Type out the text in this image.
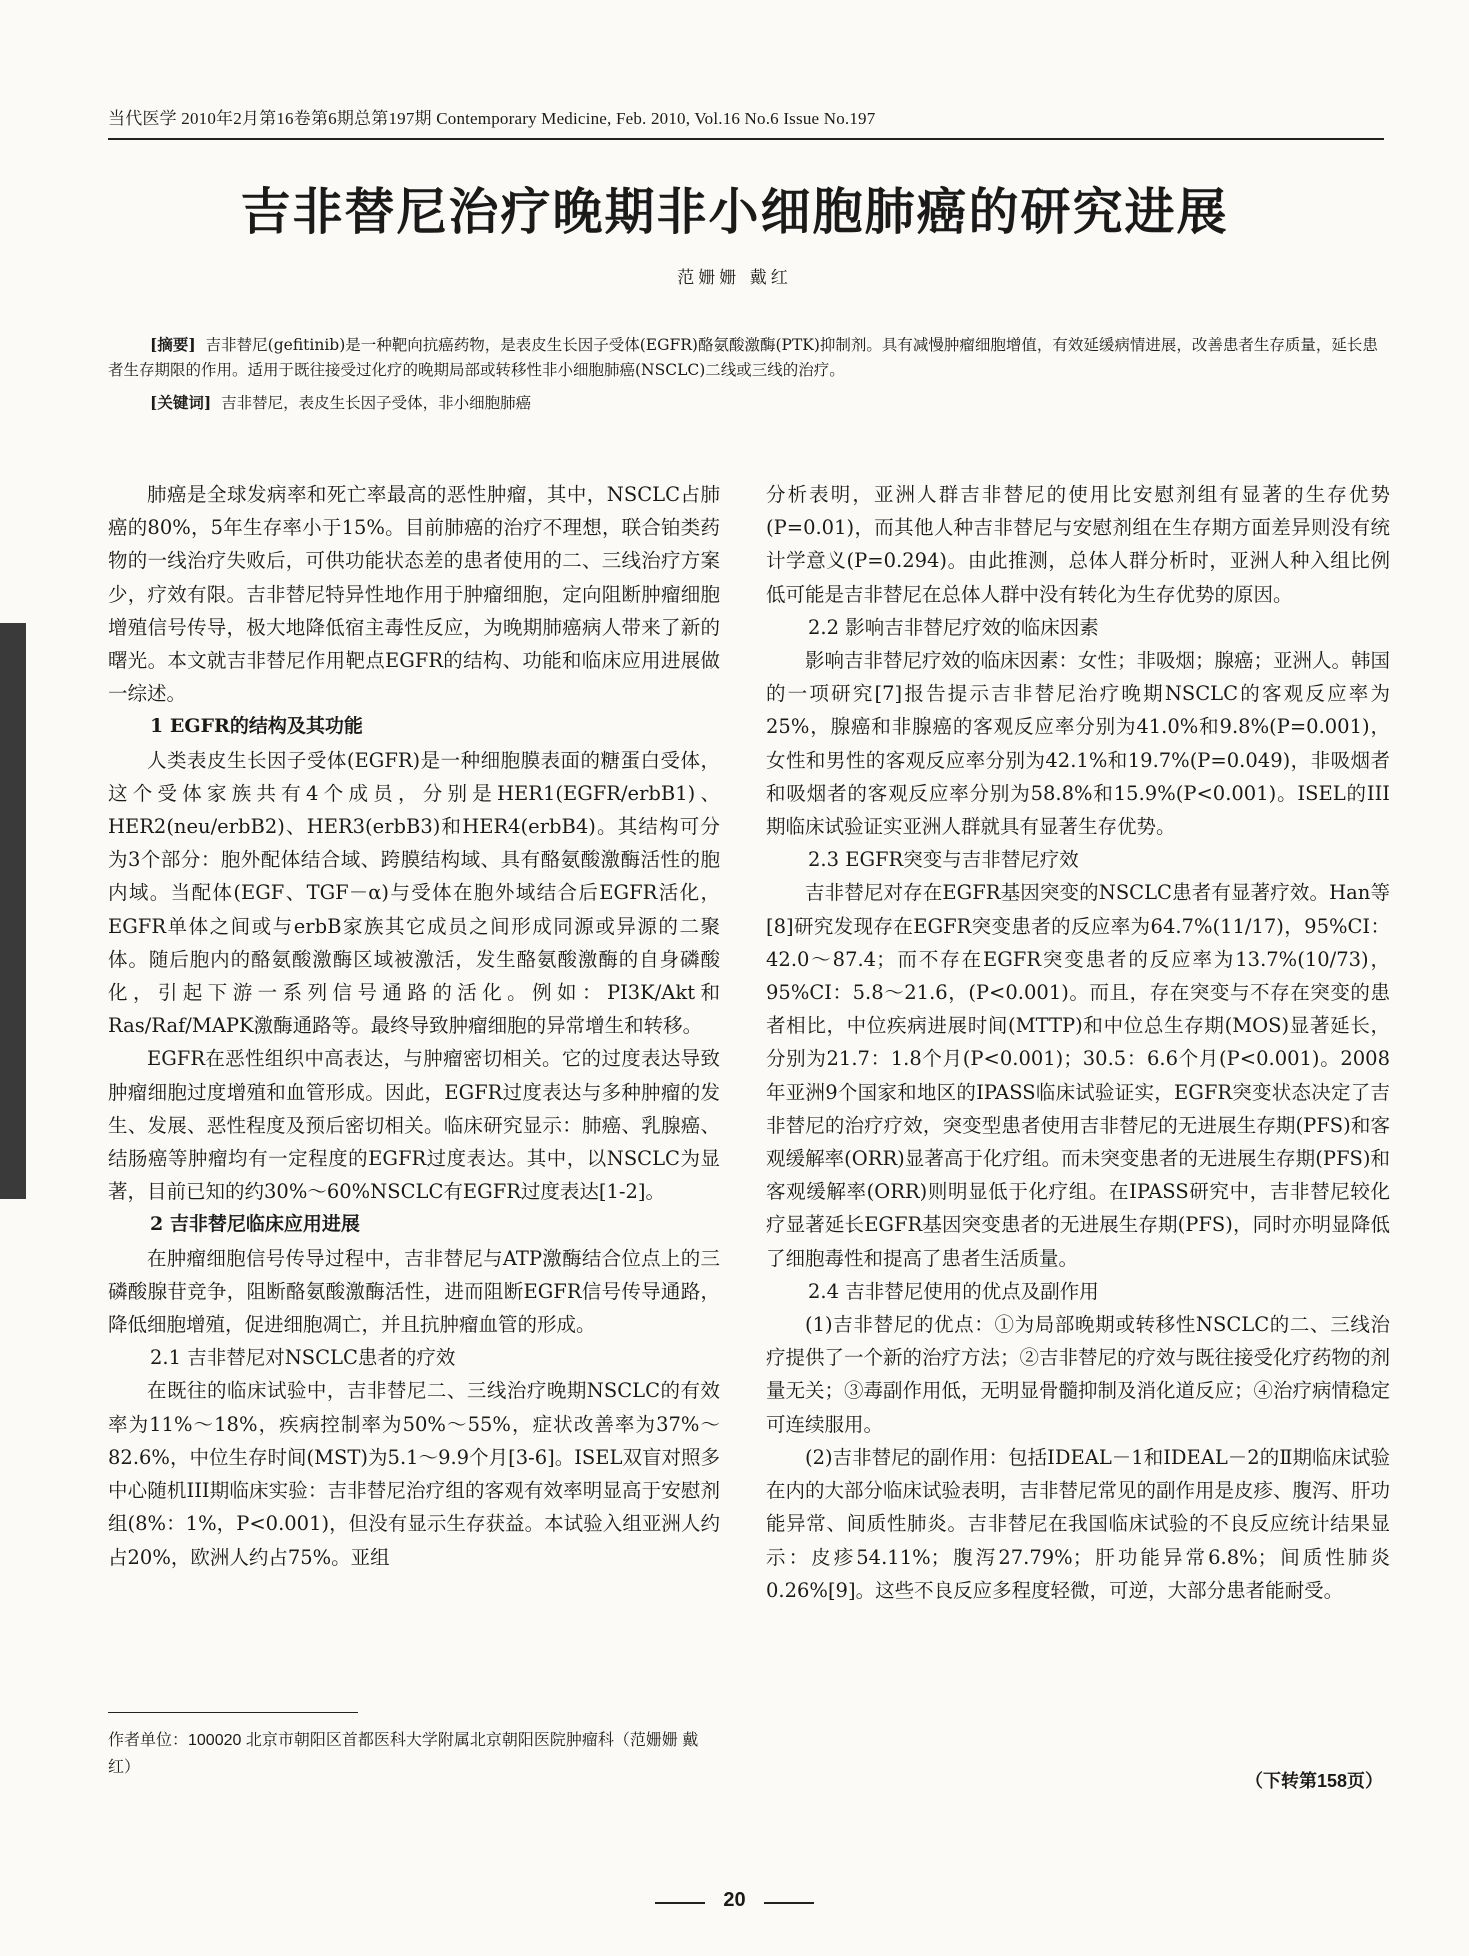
当代医学 2010年2月第16卷第6期总第197期 Contemporary Medicine, Feb. 2010, Vol.16 No.6 Issue No.197
吉非替尼治疗晚期非小细胞肺癌的研究进展
范姗姗 戴红
[摘要] 吉非替尼(gefitinib)是一种靶向抗癌药物，是表皮生长因子受体(EGFR)酪氨酸激酶(PTK)抑制剂。具有减慢肿瘤细胞增值，有效延缓病情进展，改善患者生存质量，延长患者生存期限的作用。适用于既往接受过化疗的晚期局部或转移性非小细胞肺癌(NSCLC)二线或三线的治疗。
[关键词] 吉非替尼，表皮生长因子受体，非小细胞肺癌

肺癌是全球发病率和死亡率最高的恶性肿瘤，其中，NSCLC占肺癌的80%，5年生存率小于15%。目前肺癌的治疗不理想，联合铂类药物的一线治疗失败后，可供功能状态差的患者使用的二、三线治疗方案少，疗效有限。吉非替尼特异性地作用于肿瘤细胞，定向阻断肿瘤细胞增殖信号传导，极大地降低宿主毒性反应，为晚期肺癌病人带来了新的曙光。本文就吉非替尼作用靶点EGFR的结构、功能和临床应用进展做一综述。

1 EGFR的结构及其功能

人类表皮生长因子受体(EGFR)是一种细胞膜表面的糖蛋白受体，这个受体家族共有4个成员，分别是HER1(EGFR/erbB1)、HER2(neu/erbB2)、HER3(erbB3)和HER4(erbB4)。其结构可分为3个部分：胞外配体结合域、跨膜结构域、具有酪氨酸激酶活性的胞内域。当配体(EGF、TGF－α)与受体在胞外域结合后EGFR活化，EGFR单体之间或与erbB家族其它成员之间形成同源或异源的二聚体。随后胞内的酪氨酸激酶区域被激活，发生酪氨酸激酶的自身磷酸化，引起下游一系列信号通路的活化。例如：PI3K/Akt和Ras/Raf/MAPK激酶通路等。最终导致肿瘤细胞的异常增生和转移。

EGFR在恶性组织中高表达，与肿瘤密切相关。它的过度表达导致肿瘤细胞过度增殖和血管形成。因此，EGFR过度表达与多种肿瘤的发生、发展、恶性程度及预后密切相关。临床研究显示：肺癌、乳腺癌、结肠癌等肿瘤均有一定程度的EGFR过度表达。其中，以NSCLC为显著，目前已知的约30%～60%NSCLC有EGFR过度表达[1-2]。

2 吉非替尼临床应用进展

在肿瘤细胞信号传导过程中，吉非替尼与ATP激酶结合位点上的三磷酸腺苷竞争，阻断酪氨酸激酶活性，进而阻断EGFR信号传导通路，降低细胞增殖，促进细胞凋亡，并且抗肿瘤血管的形成。

2.1 吉非替尼对NSCLC患者的疗效

在既往的临床试验中，吉非替尼二、三线治疗晚期NSCLC的有效率为11%～18%，疾病控制率为50%～55%，症状改善率为37%～82.6%，中位生存时间(MST)为5.1～9.9个月[3-6]。ISEL双盲对照多中心随机III期临床实验：吉非替尼治疗组的客观有效率明显高于安慰剂组(8%：1%，P<0.001)，但没有显示生存获益。本试验入组亚洲人约占20%，欧洲人约占75%。亚组

分析表明，亚洲人群吉非替尼的使用比安慰剂组有显著的生存优势(P=0.01)，而其他人种吉非替尼与安慰剂组在生存期方面差异则没有统计学意义(P=0.294)。由此推测，总体人群分析时，亚洲人种入组比例低可能是吉非替尼在总体人群中没有转化为生存优势的原因。

2.2 影响吉非替尼疗效的临床因素

影响吉非替尼疗效的临床因素：女性；非吸烟；腺癌；亚洲人。韩国的一项研究[7]报告提示吉非替尼治疗晚期NSCLC的客观反应率为25%，腺癌和非腺癌的客观反应率分别为41.0%和9.8%(P=0.001)，女性和男性的客观反应率分别为42.1%和19.7%(P=0.049)，非吸烟者和吸烟者的客观反应率分别为58.8%和15.9%(P<0.001)。ISEL的III期临床试验证实亚洲人群就具有显著生存优势。

2.3 EGFR突变与吉非替尼疗效

吉非替尼对存在EGFR基因突变的NSCLC患者有显著疗效。Han等[8]研究发现存在EGFR突变患者的反应率为64.7%(11/17)，95%CI：42.0～87.4；而不存在EGFR突变患者的反应率为13.7%(10/73)，95%CI：5.8～21.6，(P<0.001)。而且，存在突变与不存在突变的患者相比，中位疾病进展时间(MTTP)和中位总生存期(MOS)显著延长，分别为21.7：1.8个月(P<0.001)；30.5：6.6个月(P<0.001)。2008年亚洲9个国家和地区的IPASS临床试验证实，EGFR突变状态决定了吉非替尼的治疗疗效，突变型患者使用吉非替尼的无进展生存期(PFS)和客观缓解率(ORR)显著高于化疗组。而未突变患者的无进展生存期(PFS)和客观缓解率(ORR)则明显低于化疗组。在IPASS研究中，吉非替尼较化疗显著延长EGFR基因突变患者的无进展生存期(PFS)，同时亦明显降低了细胞毒性和提高了患者生活质量。

2.4 吉非替尼使用的优点及副作用

(1)吉非替尼的优点：①为局部晚期或转移性NSCLC的二、三线治疗提供了一个新的治疗方法；②吉非替尼的疗效与既往接受化疗药物的剂量无关；③毒副作用低，无明显骨髓抑制及消化道反应；④治疗病情稳定可连续服用。

(2)吉非替尼的副作用：包括IDEAL－1和IDEAL－2的Ⅱ期临床试验在内的大部分临床试验表明，吉非替尼常见的副作用是皮疹、腹泻、肝功能异常、间质性肺炎。吉非替尼在我国临床试验的不良反应统计结果显示：皮疹54.11%；腹泻27.79%；肝功能异常6.8%；间质性肺炎0.26%[9]。这些不良反应多程度轻微，可逆，大部分患者能耐受。

作者单位：100020 北京市朝阳区首都医科大学附属北京朝阳医院肿瘤科（范姗姗 戴红）
（下转第158页）
20
